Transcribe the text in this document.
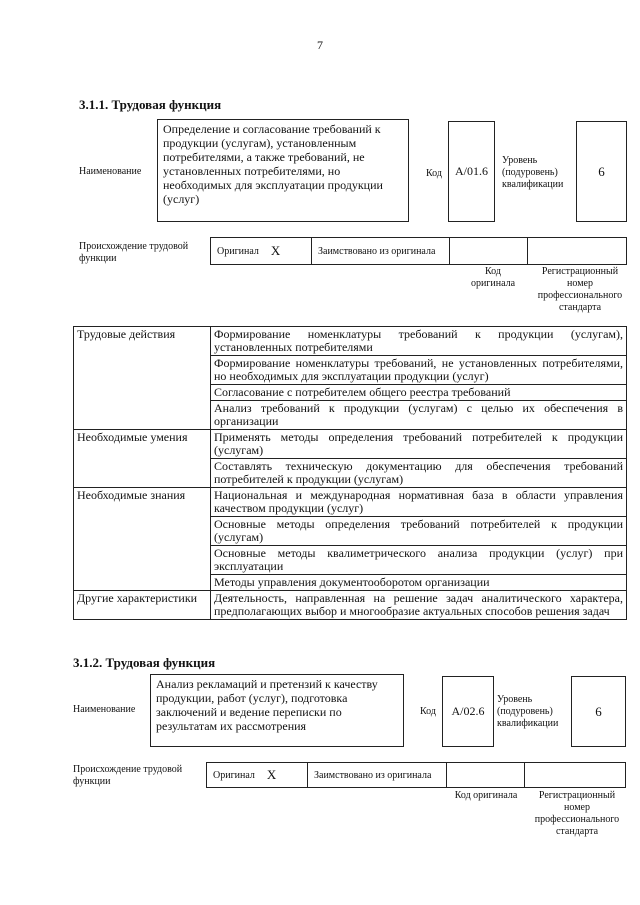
7
3.1.1. Трудовая функция
Наименование
Определение и согласование требований к продукции (услугам), установленным потребителями, а также требований, не установленных потребителями, но необходимых для эксплуатации продукции (услуг)
Код	А/01.6
Уровень (подуровень) квалификации
6
Происхождение трудовой функции
Оригинал X	Заимствовано из оригинала
Код оригинала
Регистрационный номер профессионального стандарта
Трудовые действия	Формирование номенклатуры требований к продукции (услугам), установленных потребителями
	Формирование номенклатуры требований, не установленных потребителями, но необходимых для эксплуатации продукции (услуг)
	Согласование с потребителем общего реестра требований
	Анализ требований к продукции (услугам) с целью их обеспечения в организации
Необходимые умения	Применять методы определения требований потребителей к продукции (услугам)
	Составлять техническую документацию для обеспечения требований потребителей к продукции (услугам)
Необходимые знания	Национальная и международная нормативная база в области управления качеством продукции (услуг)
	Основные методы определения требований потребителей к продукции (услугам)
	Основные методы квалиметрического анализа продукции (услуг) при эксплуатации
	Методы управления документооборотом организации
Другие характеристики	Деятельность, направленная на решение задач аналитического характера, предполагающих выбор и многообразие актуальных способов решения задач
3.1.2. Трудовая функция
Наименование
Анализ рекламаций и претензий к качеству продукции, работ (услуг), подготовка заключений и ведение переписки по результатам их рассмотрения
Код	А/02.6
Уровень (подуровень) квалификации
6
Происхождение трудовой функции
Оригинал X	Заимствовано из оригинала
Код оригинала	Регистрационный номер профессионального стандарта
